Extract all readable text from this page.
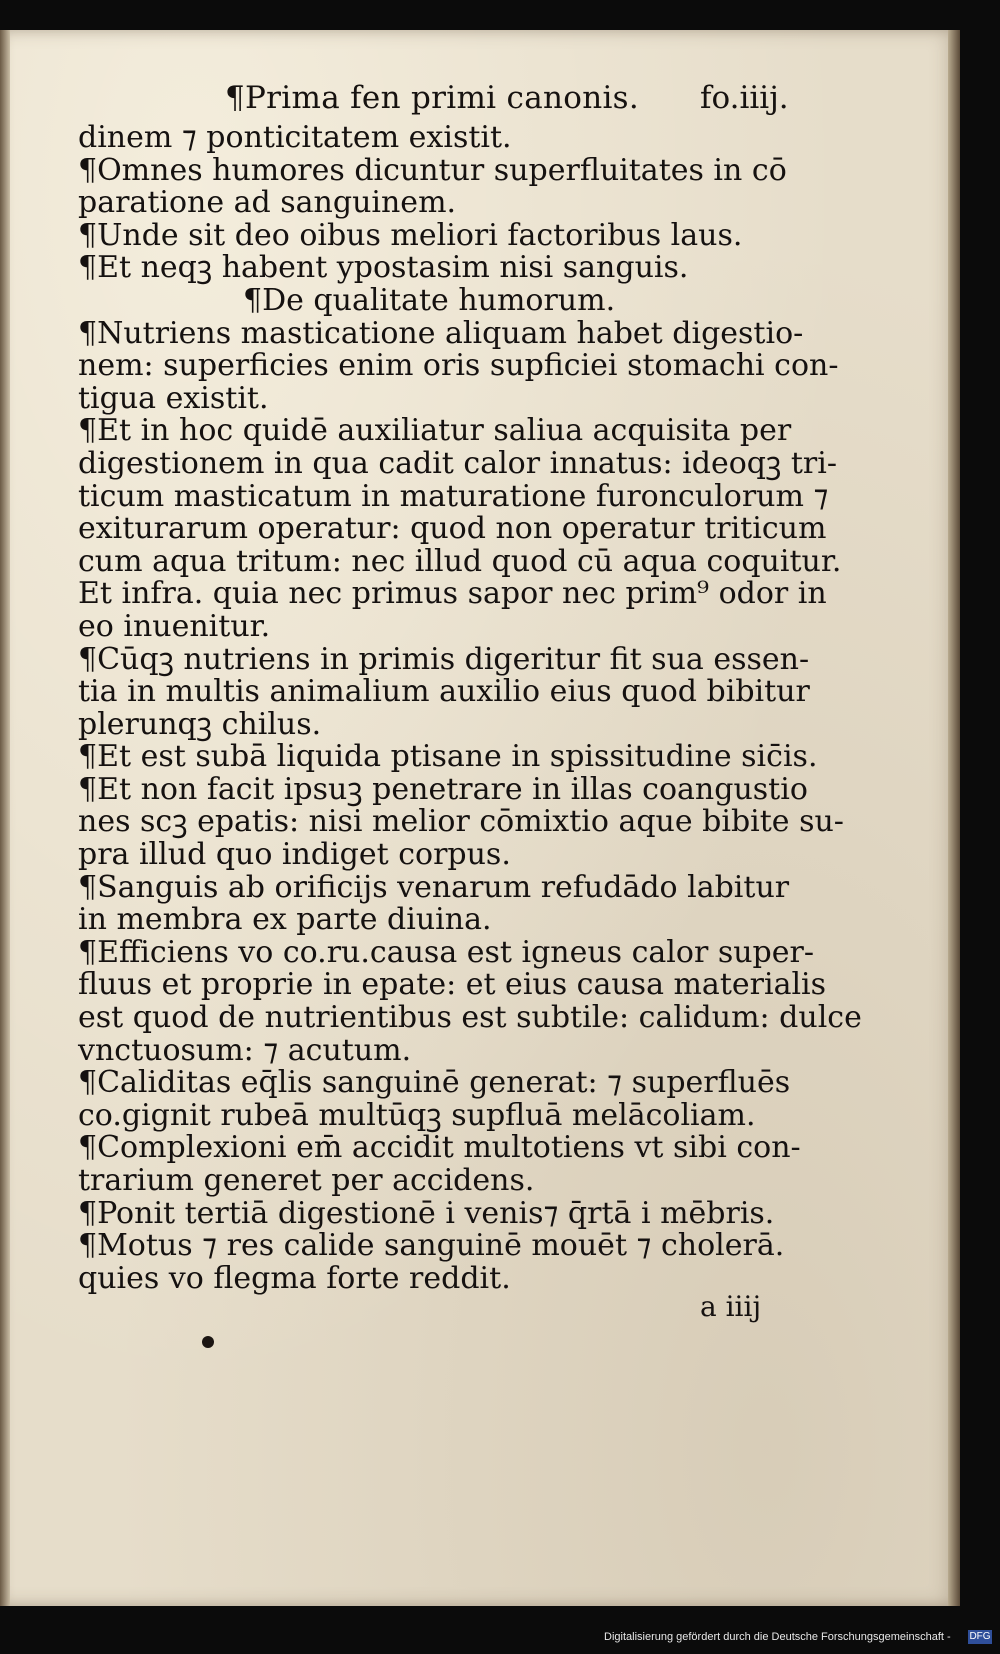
¶Prima fen primi canonis.	fo.iiij.
dinem ⁊ ponticitatem existit.
¶Omnes humores dicuntur superfluitates in cō
paratione ad sanguinem.
¶Unde sit deo oibus meliori factoribus laus.
¶Et neqꝫ habent ypostasim nisi sanguis.
¶De qualitate humorum.
¶Nutriens masticatione aliquam habet digestio-
nem: superficies enim oris supficiei stomachi con-
tigua existit.
¶Et in hoc quidē auxiliatur saliua acquisita per
digestionem in qua cadit calor innatus: ideoqꝫ tri-
ticum masticatum in maturatione furonculorum ⁊
exiturarum operatur: quod non operatur triticum
cum aqua tritum: nec illud quod cū aqua coquitur.
Et infra. quia nec primus sapor nec prim⁹ odor in
eo inuenitur.
¶Cūqꝫ nutriens in primis digeritur fit sua essen-
tia in multis animalium auxilio eius quod bibitur
plerunqꝫ chilus.
¶Et est subā liquida ptisane in spissitudine sic̄is.
¶Et non facit ipsuꝫ penetrare in illas coangustio
nes scꝫ epatis: nisi melior cōmixtio aque bibite su-
pra illud quo indiget corpus.
¶Sanguis ab orificijs venarum refudādo labitur
in membra ex parte diuina.
¶Efficiens vo co.ru.causa est igneus calor super-
fluus et proprie in epate: et eius causa materialis
est quod de nutrientibus est subtile: calidum: dulce
vnctuosum: ⁊ acutum.
¶Caliditas eq̄lis sanguinē generat: ⁊ superfluēs
co.gignit rubeā multūqꝫ supfluā melācoliam.
¶Complexioni em̄ accidit multotiens vt sibi con-
trarium generet per accidens.
¶Ponit tertiā digestionē i venis⁊ q̄rtā i mēbris.
¶Motus ⁊ res calide sanguinē mouēt ⁊ cholerā.
quies vo flegma forte reddit.
a iiij
Digitalisierung gefördert durch die Deutsche Forschungsgemeinschaft - DFG
